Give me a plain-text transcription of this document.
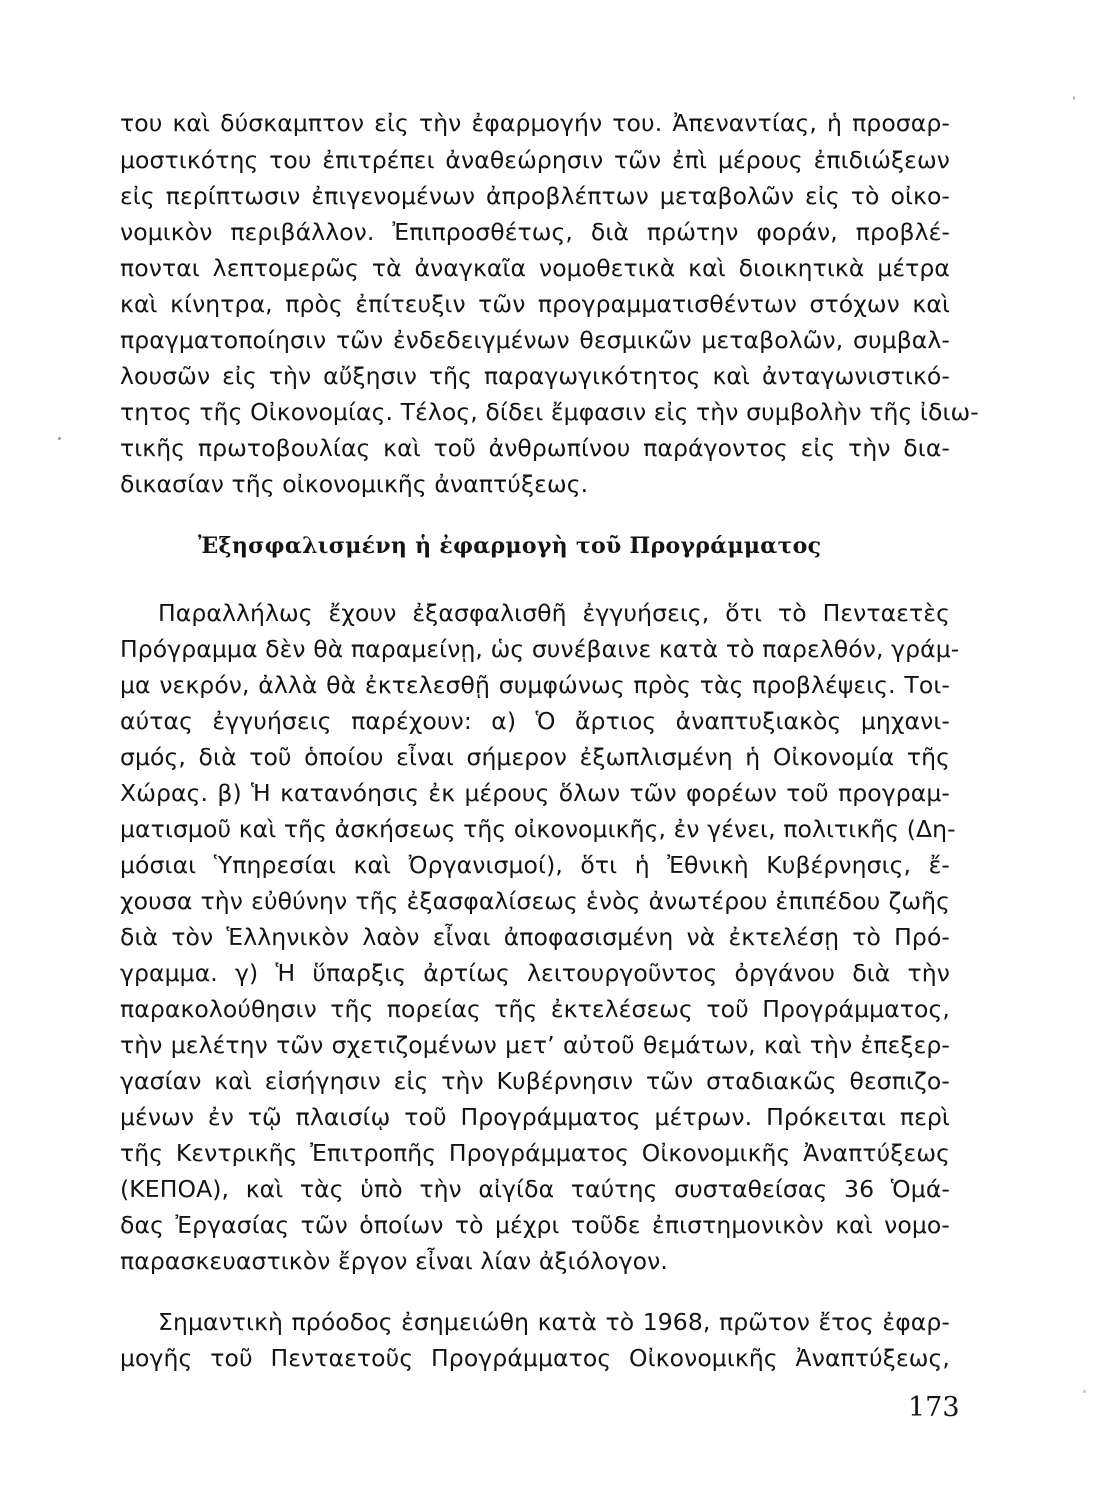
του καὶ δύσκαμπτον εἰς τὴν ἐφαρμογήν του. Ἀπεναντίας, ἡ προσαρ-
μοστικότης του ἐπιτρέπει ἀναθεώρησιν τῶν ἐπὶ μέρους ἐπιδιώξεων
εἰς περίπτωσιν ἐπιγενομένων ἀπροβλέπτων μεταβολῶν εἰς τὸ οἰκο-
νομικὸν περιβάλλον. Ἐπιπροσθέτως, διὰ πρώτην φοράν, προβλέ-
πονται λεπτομερῶς τὰ ἀναγκαῖα νομοθετικὰ καὶ διοικητικὰ μέτρα
καὶ κίνητρα, πρὸς ἐπίτευξιν τῶν προγραμματισθέντων στόχων καὶ
πραγματοποίησιν τῶν ἐνδεδειγμένων θεσμικῶν μεταβολῶν, συμβαλ-
λουσῶν εἰς τὴν αὔξησιν τῆς παραγωγικότητος καὶ ἀνταγωνιστικό-
τητος τῆς Οἰκονομίας. Τέλος, δίδει ἔμφασιν εἰς τὴν συμβολὴν τῆς ἰδιω-
τικῆς πρωτοβουλίας καὶ τοῦ ἀνθρωπίνου παράγοντος εἰς τὴν δια-
δικασίαν τῆς οἰκονομικῆς ἀναπτύξεως.
Ἐξησφαλισμένη ἡ ἐφαρμογὴ τοῦ Προγράμματος
Παραλλήλως ἔχουν ἐξασφαλισθῆ ἐγγυήσεις, ὅτι τὸ Πενταετὲς
Πρόγραμμα δὲν θὰ παραμείνῃ, ὡς συνέβαινε κατὰ τὸ παρελθόν, γράμ-
μα νεκρόν, ἀλλὰ θὰ ἐκτελεσθῇ συμφώνως πρὸς τὰς προβλέψεις. Τοι-
αύτας ἐγγυήσεις παρέχουν: α) Ὁ ἄρτιος ἀναπτυξιακὸς μηχανι-
σμός, διὰ τοῦ ὁποίου εἶναι σήμερον ἐξωπλισμένη ἡ Οἰκονομία τῆς
Χώρας. β) Ἡ κατανόησις ἐκ μέρους ὅλων τῶν φορέων τοῦ προγραμ-
ματισμοῦ καὶ τῆς ἀσκήσεως τῆς οἰκονομικῆς, ἐν γένει, πολιτικῆς (Δη-
μόσιαι Ὑπηρεσίαι καὶ Ὀργανισμοί), ὅτι ἡ Ἐθνικὴ Κυβέρνησις, ἔ-
χουσα τὴν εὐθύνην τῆς ἐξασφαλίσεως ἑνὸς ἀνωτέρου ἐπιπέδου ζωῆς
διὰ τὸν Ἑλληνικὸν λαὸν εἶναι ἀποφασισμένη νὰ ἐκτελέσῃ τὸ Πρό-
γραμμα. γ) Ἡ ὕπαρξις ἀρτίως λειτουργοῦντος ὀργάνου διὰ τὴν
παρακολούθησιν τῆς πορείας τῆς ἐκτελέσεως τοῦ Προγράμματος,
τὴν μελέτην τῶν σχετιζομένων μετ’ αὐτοῦ θεμάτων, καὶ τὴν ἐπεξερ-
γασίαν καὶ εἰσήγησιν εἰς τὴν Κυβέρνησιν τῶν σταδιακῶς θεσπιζο-
μένων ἐν τῷ πλαισίῳ τοῦ Προγράμματος μέτρων. Πρόκειται περὶ
τῆς Κεντρικῆς Ἐπιτροπῆς Προγράμματος Οἰκονομικῆς Ἀναπτύξεως
(ΚΕΠΟΑ), καὶ τὰς ὑπὸ τὴν αἰγίδα ταύτης συσταθείσας 36 Ὁμά-
δας Ἐργασίας τῶν ὁποίων τὸ μέχρι τοῦδε ἐπιστημονικὸν καὶ νομο-
παρασκευαστικὸν ἔργον εἶναι λίαν ἀξιόλογον.
Σημαντικὴ πρόοδος ἐσημειώθη κατὰ τὸ 1968, πρῶτον ἔτος ἐφαρ-
μογῆς τοῦ Πενταετοῦς Προγράμματος Οἰκονομικῆς Ἀναπτύξεως,
173
